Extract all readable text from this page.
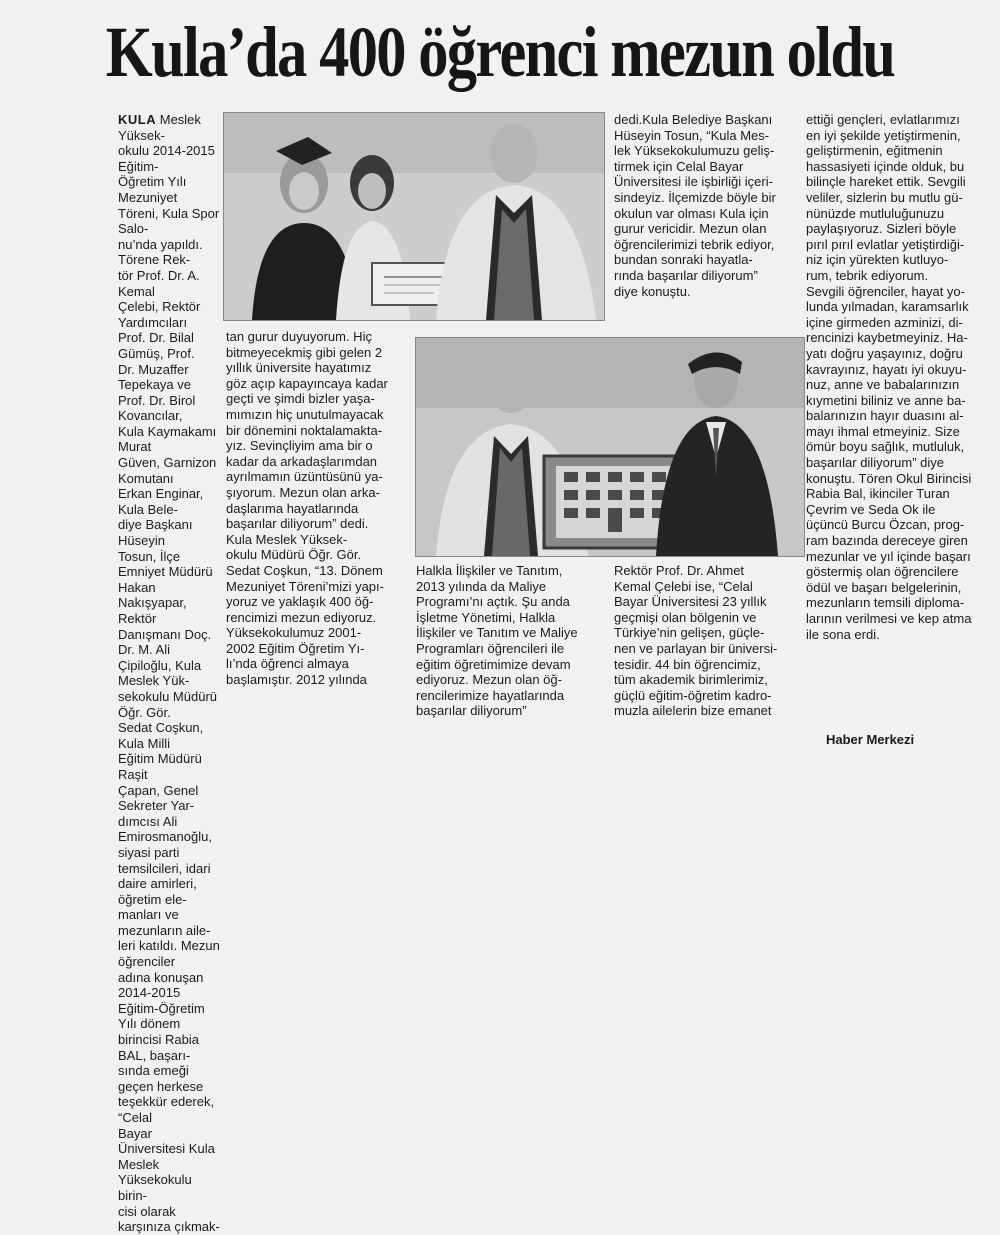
Kula’da 400 öğrenci mezun oldu
KULA Meslek Yüksek-
okulu 2014-2015 Eğitim-
Öğretim Yılı Mezuniyet
Töreni, Kula Spor Salo-
nu’nda yapıldı. Törene Rek-
tör Prof. Dr. A. Kemal
Çelebi, Rektör Yardımcıları
Prof. Dr. Bilal Gümüş, Prof.
Dr. Muzaffer Tepekaya ve
Prof. Dr. Birol Kovancılar,
Kula Kaymakamı Murat
Güven, Garnizon Komutanı
Erkan Enginar, Kula Bele-
diye Başkanı Hüseyin
Tosun, İlçe Emniyet Müdürü
Hakan Nakışyapar, Rektör
Danışmanı Doç. Dr. M. Ali
Çipiloğlu, Kula Meslek Yük-
sekokulu Müdürü Öğr. Gör.
Sedat Coşkun, Kula Milli
Eğitim Müdürü Raşit
Çapan, Genel Sekreter Yar-
dımcısı Ali Emirosmanoğlu,
siyasi parti temsilcileri, idari
daire amirleri, öğretim ele-
manları ve mezunların aile-
leri katıldı. Mezun öğrenciler
adına konuşan 2014-2015
Eğitim-Öğretim Yılı dönem
birincisi Rabia BAL, başarı-
sında emeği geçen herkese
teşekkür ederek, “Celal
Bayar Üniversitesi Kula
Meslek Yüksekokulu birin-
cisi olarak karşınıza çıkmak-
tan gurur duyuyorum. Hiç
bitmeyecekmiş gibi gelen 2
yıllık üniversite hayatımız
göz açıp kapayıncaya kadar
geçti ve şimdi bizler yaşa-
mımızın hiç unutulmayacak
bir dönemini noktalamakta-
yız. Sevinçliyim ama bir o
kadar da arkadaşlarımdan
ayrılmamın üzüntüsünü ya-
şıyorum. Mezun olan arka-
daşlarıma hayatlarında
başarılar diliyorum” dedi.
Kula Meslek Yüksek-
okulu Müdürü Öğr. Gör.
Sedat Coşkun, “13. Dönem
Mezuniyet Töreni’mizi yapı-
yoruz ve yaklaşık 400 öğ-
rencimizi mezun ediyoruz.
Yüksekokulumuz 2001-
2002 Eğitim Öğretim Yı-
lı’nda öğrenci almaya
başlamıştır. 2012 yılında
Halkla İlişkiler ve Tanıtım,
2013 yılında da Maliye
Programı’nı açtık. Şu anda
İşletme Yönetimi, Halkla
İlişkiler ve Tanıtım ve Maliye
Programları öğrencileri ile
eğitim öğretimimize devam
ediyoruz. Mezun olan öğ-
rencilerimize hayatlarında
başarılar diliyorum”
dedi.Kula Belediye Başkanı
Hüseyin Tosun, “Kula Mes-
lek Yüksekokulumuzu geliş-
tirmek için Celal Bayar
Üniversitesi ile işbirliği içeri-
sindeyiz. İlçemizde böyle bir
okulun var olması Kula için
gurur vericidir. Mezun olan
öğrencilerimizi tebrik ediyor,
bundan sonraki hayatla-
rında başarılar diliyorum”
diye konuştu.
Rektör Prof. Dr. Ahmet
Kemal Çelebi ise, “Celal
Bayar Üniversitesi 23 yıllık
geçmişi olan bölgenin ve
Türkiye’nin gelişen, güçle-
nen ve parlayan bir üniversi-
tesidir. 44 bin öğrencimiz,
tüm akademik birimlerimiz,
güçlü eğitim-öğretim kadro-
muzla ailelerin bize emanet
ettiği gençleri, evlatlarımızı
en iyi şekilde yetiştirmenin,
geliştirmenin, eğitmenin
hassasiyeti içinde olduk, bu
bilinçle hareket ettik. Sevgili
veliler, sizlerin bu mutlu gü-
nünüzde mutluluğunuzu
paylaşıyoruz. Sizleri böyle
pırıl pırıl evlatlar yetiştirdiği-
niz için yürekten kutluyo-
rum, tebrik ediyorum.
Sevgili öğrenciler, hayat yo-
lunda yılmadan, karamsarlık
içine girmeden azminizi, di-
rencinizi kaybetmeyiniz. Ha-
yatı doğru yaşayınız, doğru
kavrayınız, hayatı iyi okuyu-
nuz, anne ve babalarınızın
kıymetini biliniz ve anne ba-
balarınızın hayır duasını al-
mayı ihmal etmeyiniz. Size
ömür boyu sağlık, mutluluk,
başarılar diliyorum” diye
konuştu. Tören Okul Birincisi
Rabia Bal, ikinciler Turan
Çevrim ve Seda Ok ile
üçüncü Burcu Özcan, prog-
ram bazında dereceye giren
mezunlar ve yıl içinde başarı
göstermiş olan öğrencilere
ödül ve başarı belgelerinin,
mezunların temsili diploma-
larının verilmesi ve kep atma
ile sona erdi.
Haber Merkezi
